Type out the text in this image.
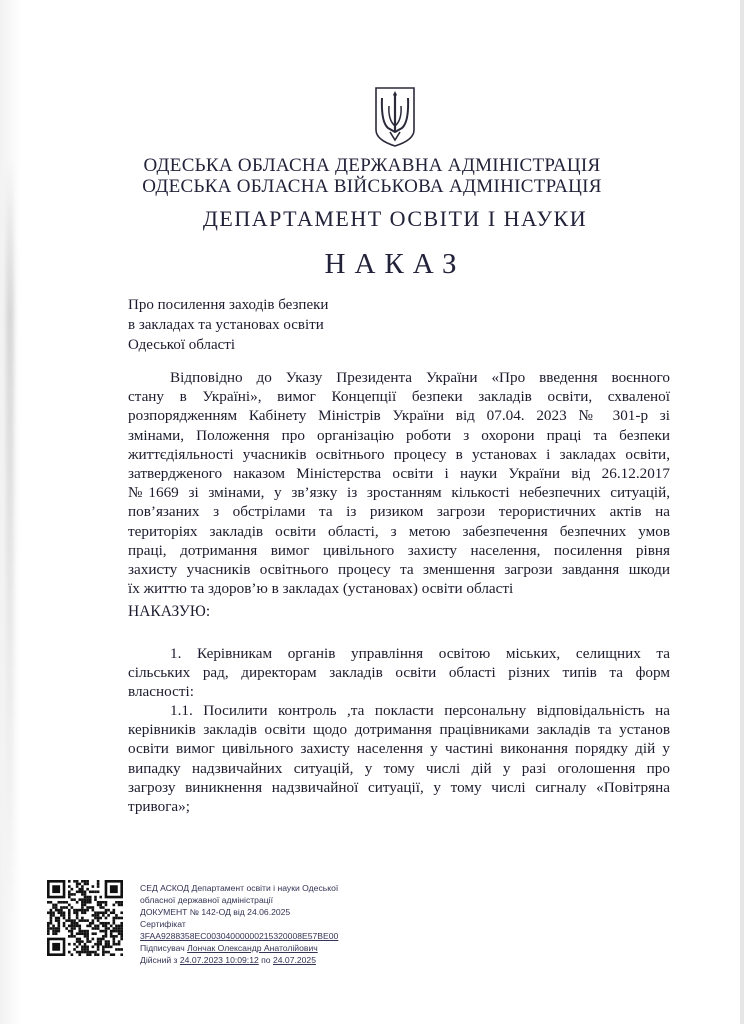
ОДЕСЬКА ОБЛАСНА ДЕРЖАВНА АДМІНІСТРАЦІЯ
ОДЕСЬКА ОБЛАСНА ВІЙСЬКОВА АДМІНІСТРАЦІЯ
ДЕПАРТАМЕНТ ОСВІТИ І НАУКИ
НАКАЗ
Про посилення заходів безпеки
в закладах та установах освіти
Одеської області
Відповідно до Указу Президента України «Про введення воєнного
стану в Україні», вимог Концепції безпеки закладів освіти, схваленої
розпорядженням Кабінету Міністрів України від 07.04. 2023 № 301-р зі
змінами, Положення про організацію роботи з охорони праці та безпеки
життєдіяльності учасників освітнього процесу в установах і закладах освіти,
затвердженого наказом Міністерства освіти і науки України від 26.12.2017
№1669 зі змінами, у зв’язку із зростанням кількості небезпечних ситуацій,
пов’язаних з обстрілами та із ризиком загрози терористичних актів на
територіях закладів освіти області, з метою забезпечення безпечних умов
праці, дотримання вимог цивільного захисту населення, посилення рівня
захисту учасників освітнього процесу та зменшення загрози завдання шкоди
їх життю та здоров’ю в закладах (установах) освіти області
НАКАЗУЮ:
1. Керівникам органів управління освітою міських, селищних та
сільських рад, директорам закладів освіти області різних типів та форм
власності:
1.1. Посилити контроль ,та покласти персональну відповідальність на
керівників закладів освіти щодо дотримання працівниками закладів та установ
освіти вимог цивільного захисту населення у частині виконання порядку дій у
випадку надзвичайних ситуацій, у тому числі дій у разі оголошення про
загрозу виникнення надзвичайної ситуації, у тому числі сигналу «Повітряна
тривога»;
СЕД АСКОД Департамент освіти і науки Одеської
обласної державної адміністрації
ДОКУМЕНТ № 142-ОД від 24.06.2025
Сертифікат
3FAA9288358EC00304000000215320008E57BE00
Підписувач Лончак Олександр Анатолійович
Дійсний з 24.07.2023 10:09:12 по 24.07.2025
